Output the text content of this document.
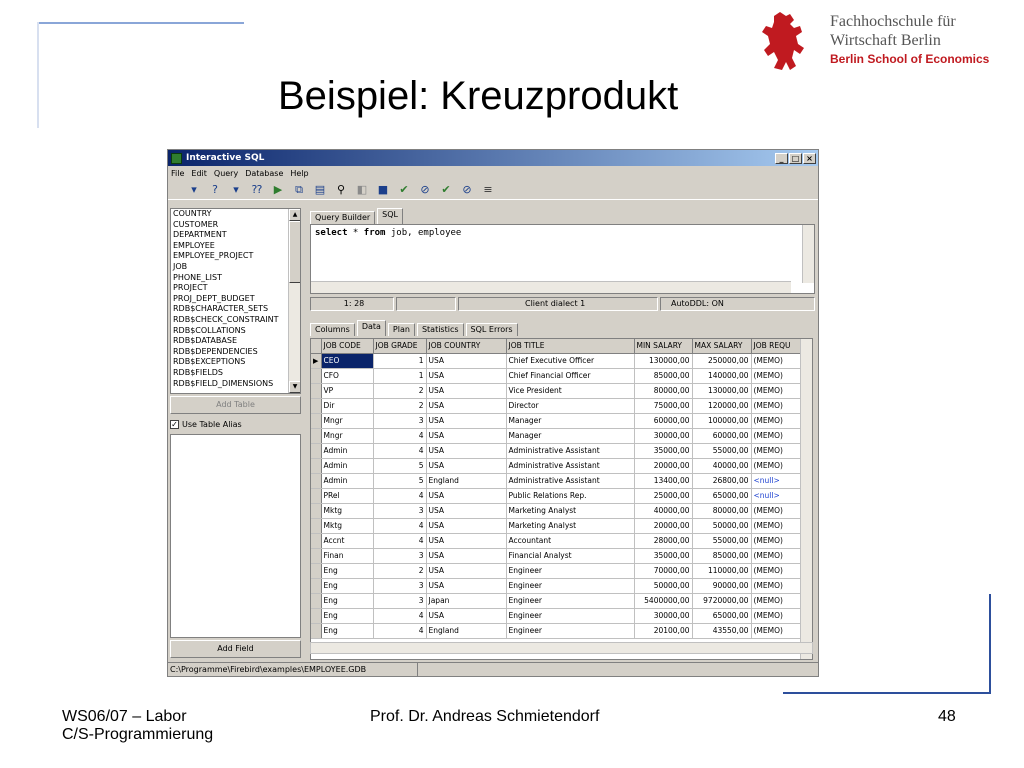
Beispiel: Kreuzprodukt
Fachhochschule für
Wirtschaft Berlin
Berlin School of Economics
Interactive SQL	_	□ ×
File Edit Query Database Help
▾ ? ▾ ⁇ ▶ ⧉ ▤ ⚲ ◧ ■ ✔ ⊘ ✔ ⊘ ≡
COUNTRY
CUSTOMER
DEPARTMENT
EMPLOYEE
EMPLOYEE_PROJECT
JOB
PHONE_LIST
PROJECT
PROJ_DEPT_BUDGET
RDB$CHARACTER_SETS
RDB$CHECK_CONSTRAINT
RDB$COLLATIONS
RDB$DATABASE
RDB$DEPENDENCIES
RDB$EXCEPTIONS
RDB$FIELDS
RDB$FIELD_DIMENSIONS
▲
▼
Add Table
✓ Use Table Alias
Add Field
Query Builder	SQL
select * from job, employee
1: 28	Client dialect 1	AutoDDL: ON
Columns	Data	Plan	Statistics	SQL Errors
	JOB CODE	JOB GRADE	JOB COUNTRY	JOB TITLE	MIN SALARY	MAX SALARY	JOB REQU
▶	CEO	1	USA	Chief Executive Officer	130000,00	250000,00	(MEMO)
	CFO	1	USA	Chief Financial Officer	85000,00	140000,00	(MEMO)
	VP	2	USA	Vice President	80000,00	130000,00	(MEMO)
	Dir	2	USA	Director	75000,00	120000,00	(MEMO)
	Mngr	3	USA	Manager	60000,00	100000,00	(MEMO)
	Mngr	4	USA	Manager	30000,00	60000,00	(MEMO)
	Admin	4	USA	Administrative Assistant	35000,00	55000,00	(MEMO)
	Admin	5	USA	Administrative Assistant	20000,00	40000,00	(MEMO)
	Admin	5	England	Administrative Assistant	13400,00	26800,00	<null>
	PRel	4	USA	Public Relations Rep.	25000,00	65000,00	<null>
	Mktg	3	USA	Marketing Analyst	40000,00	80000,00	(MEMO)
	Mktg	4	USA	Marketing Analyst	20000,00	50000,00	(MEMO)
	Accnt	4	USA	Accountant	28000,00	55000,00	(MEMO)
	Finan	3	USA	Financial Analyst	35000,00	85000,00	(MEMO)
	Eng	2	USA	Engineer	70000,00	110000,00	(MEMO)
	Eng	3	USA	Engineer	50000,00	90000,00	(MEMO)
	Eng	3	Japan	Engineer	5400000,00	9720000,00	(MEMO)
	Eng	4	USA	Engineer	30000,00	65000,00	(MEMO)
	Eng	4	England	Engineer	20100,00	43550,00	(MEMO)
C:\Programme\Firebird\examples\EMPLOYEE.GDB
WS06/07 – Labor
C/S-Programmierung
Prof. Dr. Andreas Schmietendorf	48
